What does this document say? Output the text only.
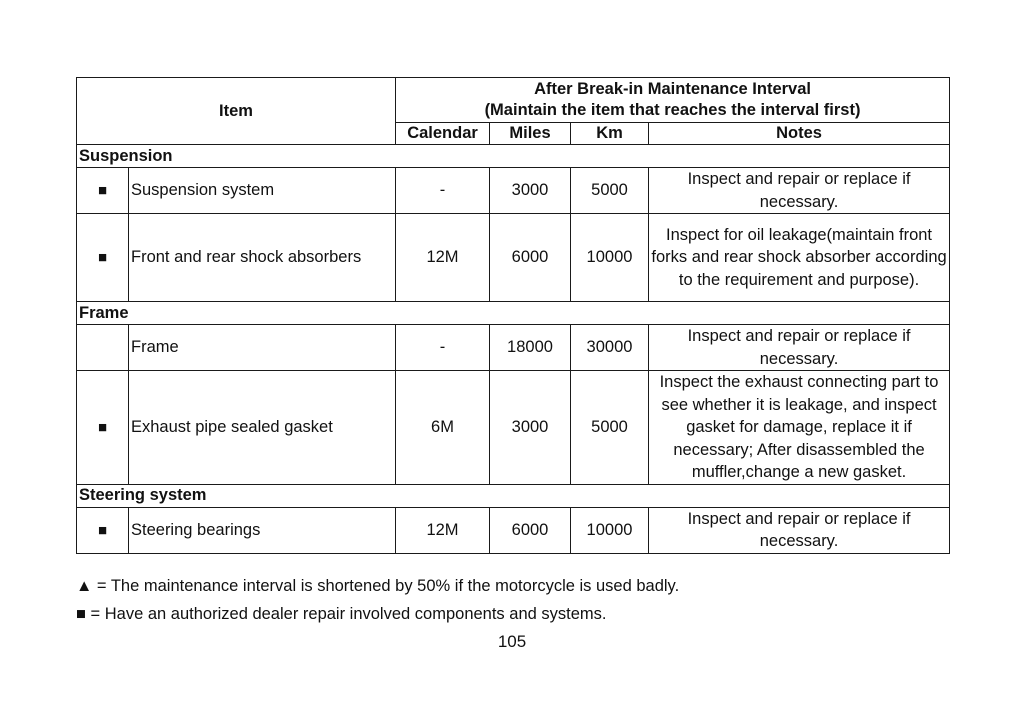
Item		After Break-in Maintenance Interval
(Maintain the item that reaches the interval first)			

		Calendar	Miles	Km	Notes
Suspension					
■	Suspension system	-	3000	5000	Inspect and repair or replace if necessary.
■	Front and rear shock absorbers	12M	6000	10000	Inspect for oil leakage(maintain front forks and rear shock absorber according to the requirement and purpose).
Frame					
	Frame	-	18000	30000	Inspect and repair or replace if necessary.
■	Exhaust pipe sealed gasket	6M	3000	5000	Inspect the exhaust connecting part to see whether it is leakage, and inspect gasket for damage, replace it if necessary; After disassembled the muffler,change a new gasket.
Steering system					
■	Steering bearings	12M	6000	10000	Inspect and repair or replace if necessary.
▲ = The maintenance interval is shortened by 50% if the motorcycle is used badly.
■ = Have an authorized dealer repair involved components and systems.
105
